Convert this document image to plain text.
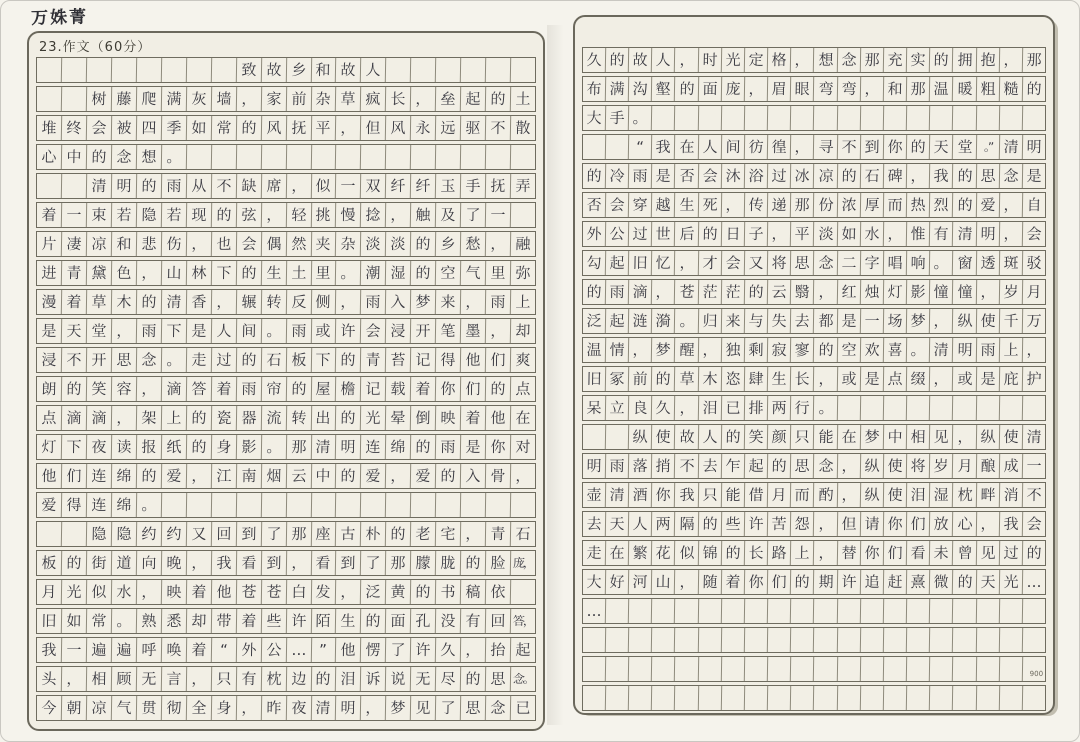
万姝菁
23.作文（60分）
致 故 乡 和 故 人
树 藤 爬 满 灰 墙 ， 家 前 杂 草 疯 长 ， 垒 起 的 土
堆 终 会 被 四 季 如 常 的 风 抚 平 ， 但 风 永 远 驱 不 散
心 中 的 念 想 。
清 明 的 雨 从 不 缺 席 ， 似 一 双 纤 纤 玉 手 抚 弄
着 一 束 若 隐 若 现 的 弦 ， 轻 挑 慢 捻 ， 触 及 了 一
片 凄 凉 和 悲 伤 ， 也 会 偶 然 夹 杂 淡 淡 的 乡 愁 ， 融
进 青 黛 色 ， 山 林 下 的 生 土 里 。 潮 湿 的 空 气 里 弥
漫 着 草 木 的 清 香 ， 辗 转 反 侧 ， 雨 入 梦 来 ， 雨 上
是 天 堂 ， 雨 下 是 人 间 。 雨 或 许 会 浸 开 笔 墨 ， 却
浸 不 开 思 念 。 走 过 的 石 板 下 的 青 苔 记 得 他 们 爽
朗 的 笑 容 ， 滴 答 着 雨 帘 的 屋 檐 记 载 着 你 们 的 点
点 滴 滴 ， 架 上 的 瓷 器 流 转 出 的 光 晕 倒 映 着 他 在
灯 下 夜 读 报 纸 的 身 影 。 那 清 明 连 绵 的 雨 是 你 对
他 们 连 绵 的 爱 ， 江 南 烟 云 中 的 爱 ， 爱 的 入 骨 ，
爱 得 连 绵 。
隐 隐 约 约 又 回 到 了 那 座 古 朴 的 老 宅 ， 青 石
板 的 街 道 向 晚 ， 我 看 到 ， 看 到 了 那 朦 胧 的 脸 庞，
月 光 似 水 ， 映 着 他 苍 苍 白 发 ， 泛 黄 的 书 稿 依
旧 如 常 。 熟 悉 却 带 着 些 许 陌 生 的 面 孔 没 有 回 答，
我 一 遍 遍 呼 唤 着 “ 外 公 … ” 他 愣 了 许 久 ， 抬 起
头 ， 相 顾 无 言 ， 只 有 枕 边 的 泪 诉 说 无 尽 的 思 念。
今 朝 凉 气 贯 彻 全 身 ， 昨 夜 清 明 ， 梦 见 了 思 念 已
久 的 故 人 ， 时 光 定 格 ， 想 念 那 充 实 的 拥 抱 ， 那
布 满 沟 壑 的 面 庞 ， 眉 眼 弯 弯 ， 和 那 温 暖 粗 糙 的
大 手 。
“ 我 在 人 间 彷 徨 ， 寻 不 到 你 的 天 堂 。” 清 明
的 冷 雨 是 否 会 沐 浴 过 冰 凉 的 石 碑 ， 我 的 思 念 是
否 会 穿 越 生 死 ， 传 递 那 份 浓 厚 而 热 烈 的 爱 ， 自
外 公 过 世 后 的 日 子 ， 平 淡 如 水 ， 惟 有 清 明 ， 会
勾 起 旧 忆 ， 才 会 又 将 思 念 二 字 唱 响 。 窗 透 斑 驳
的 雨 滴 ， 苍 茫 茫 的 云 翳 ， 红 烛 灯 影 憧 憧 ， 岁 月
泛 起 涟 漪 。 归 来 与 失 去 都 是 一 场 梦 ， 纵 使 千 万
温 情 ， 梦 醒 ， 独 剩 寂 寥 的 空 欢 喜 。 清 明 雨 上 ，
旧 冢 前 的 草 木 恣 肆 生 长 ， 或 是 点 缀 ， 或 是 庇 护
呆 立 良 久 ， 泪 已 排 两 行 。
纵 使 故 人 的 笑 颜 只 能 在 梦 中 相 见 ， 纵 使 清
明 雨 落 捎 不 去 乍 起 的 思 念 ， 纵 使 将 岁 月 酿 成 一
壶 清 酒 你 我 只 能 借 月 而 酌 ， 纵 使 泪 湿 枕 畔 消 不
去 天 人 两 隔 的 些 许 苦 怨 ， 但 请 你 们 放 心 ， 我 会
走 在 繁 花 似 锦 的 长 路 上 ， 替 你 们 看 未 曾 见 过 的
大 好 河 山 ， 随 着 你 们 的 期 许 追 赶 熹 微 的 天 光 …
…
900
